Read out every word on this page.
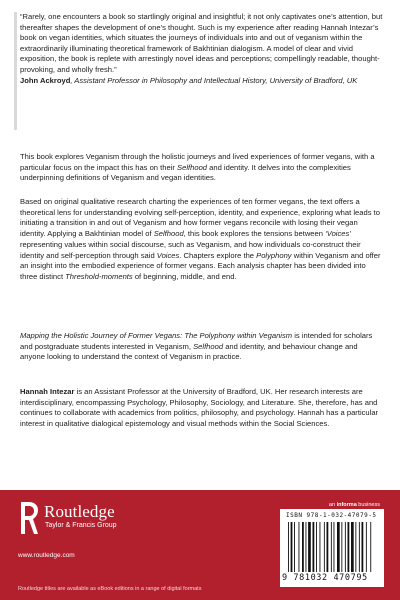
“Rarely, one encounters a book so startlingly original and insightful; it not only captivates one’s attention, but thereafter shapes the development of one’s thought. Such is my experience after reading Hannah Intezar’s book on vegan identities, which situates the journeys of individuals into and out of veganism within the extraordinarily illuminating theoretical framework of Bakhtinian dialogism. A model of clear and vivid exposition, the book is replete with arrestingly novel ideas and perceptions; compellingly readable, thought-provoking, and wholly fresh.”
John Ackroyd, Assistant Professor in Philosophy and Intellectual History, University of Bradford, UK

This book explores Veganism through the holistic journeys and lived experiences of former vegans, with a particular focus on the impact this has on their Selfhood and identity. It delves into the complexities underpinning definitions of Veganism and vegan identities.

Based on original qualitative research charting the experiences of ten former vegans, the text offers a theoretical lens for understanding evolving self-perception, identity, and experience, exploring what leads to initiating a transition in and out of Veganism and how former vegans reconcile with losing their vegan identity. Applying a Bakhtinian model of Selfhood, this book explores the tensions between ‘Voices’ representing values within social discourse, such as Veganism, and how individuals co-construct their identity and self-perception through said Voices. Chapters explore the Polyphony within Veganism and offer an insight into the embodied experience of former vegans. Each analysis chapter has been divided into three distinct Threshold-moments of beginning, middle, and end.

Mapping the Holistic Journey of Former Vegans: The Polyphony within Veganism is intended for scholars and postgraduate students interested in Veganism, Selfhood and identity, and behaviour change and anyone looking to understand the context of Veganism in practice.

Hannah Intezar is an Assistant Professor at the University of Bradford, UK. Her research interests are interdisciplinary, encompassing Psychology, Philosophy, Sociology, and Literature. She, therefore, has and continues to collaborate with academics from politics, philosophy, and psychology. Hannah has a particular interest in qualitative dialogical epistemology and visual methods within the Social Sciences.

Routledge
Taylor & Francis Group
www.routledge.com
an informa business
Routledge titles are available as eBook editions in a range of digital formats
ISBN 978-1-032-47079-5
9 781032 470795
